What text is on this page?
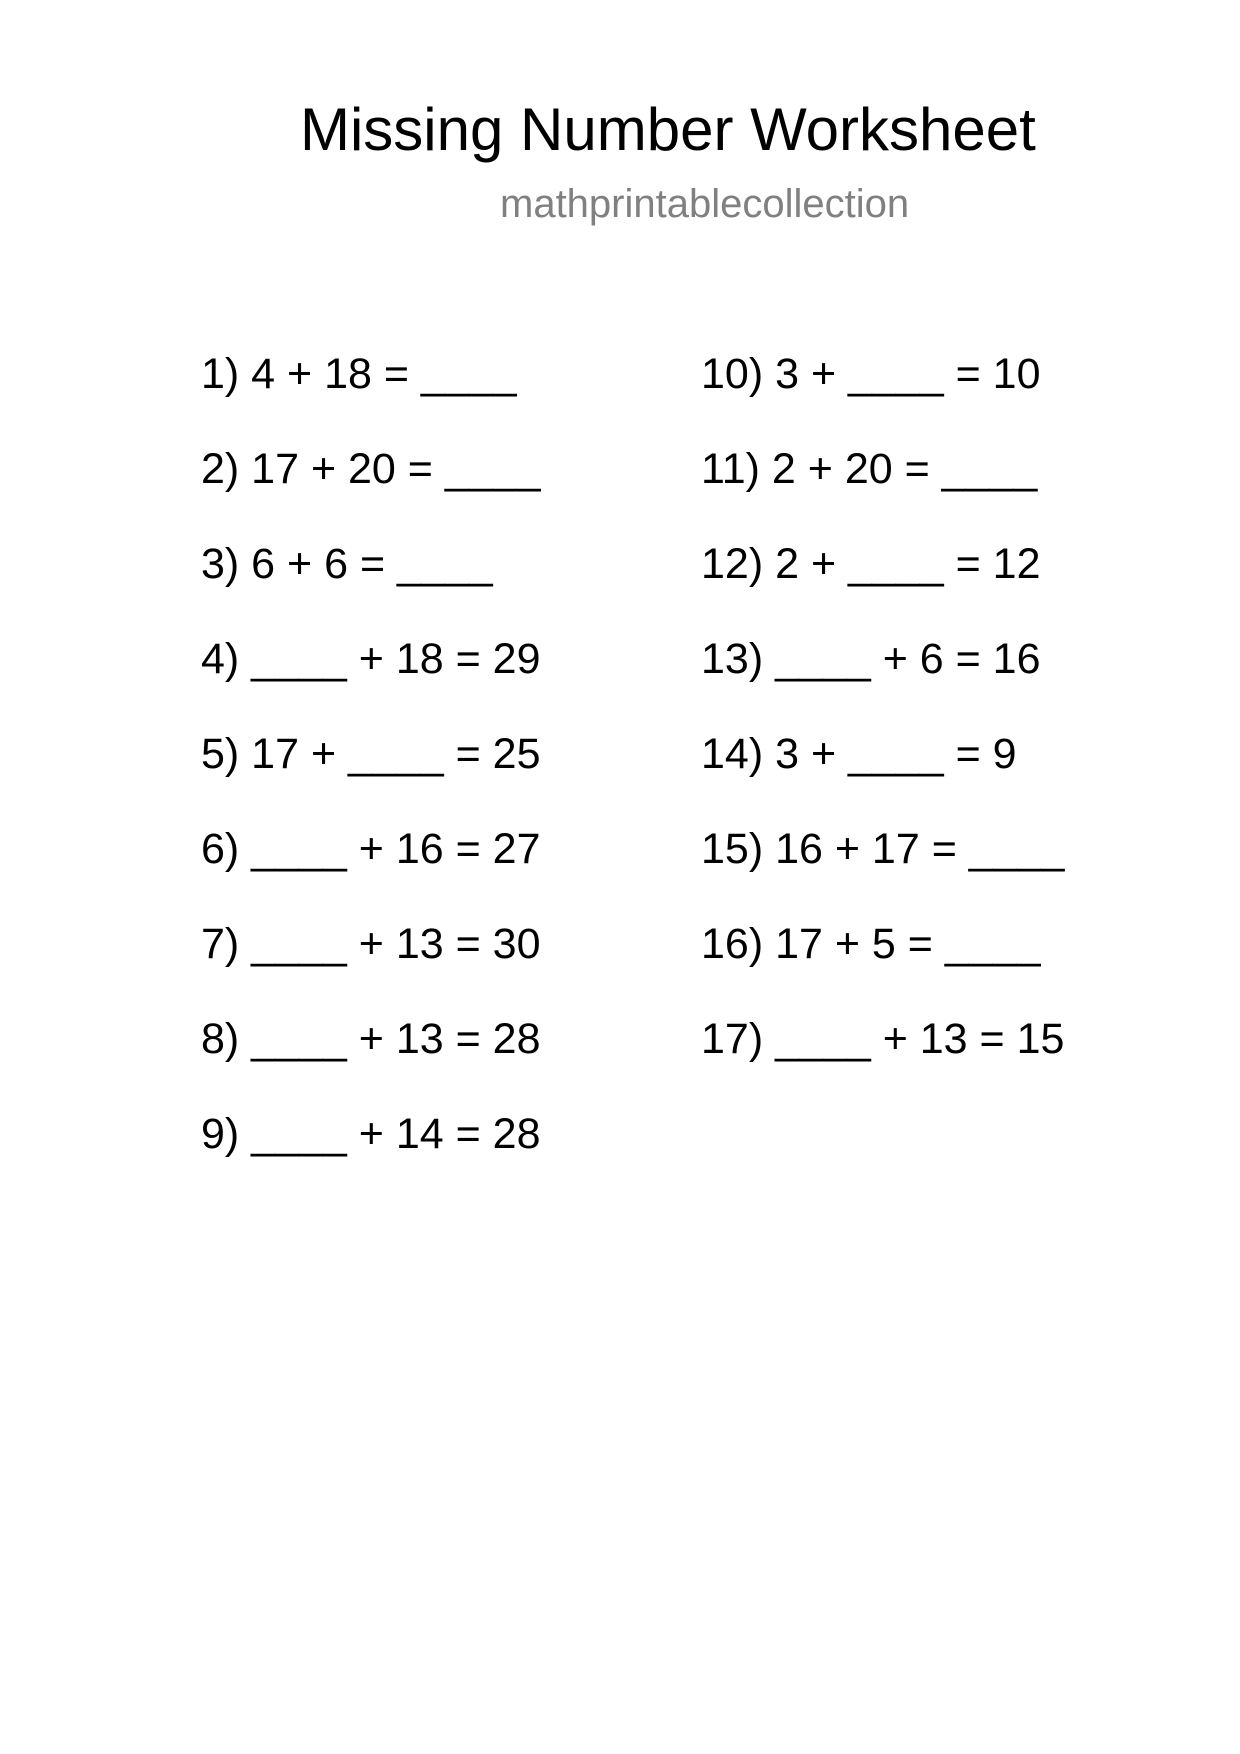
Missing Number Worksheet
mathprintablecollection
1) 4 + 18 = ____
2) 17 + 20 = ____
3) 6 + 6 = ____
4) ____ + 18 = 29
5) 17 + ____ = 25
6) ____ + 16 = 27
7) ____ + 13 = 30
8) ____ + 13 = 28
9) ____ + 14 = 28
10) 3 + ____ = 10
11) 2 + 20 = ____
12) 2 + ____ = 12
13) ____ + 6 = 16
14) 3 + ____ = 9
15) 16 + 17 = ____
16) 17 + 5 = ____
17) ____ + 13 = 15
